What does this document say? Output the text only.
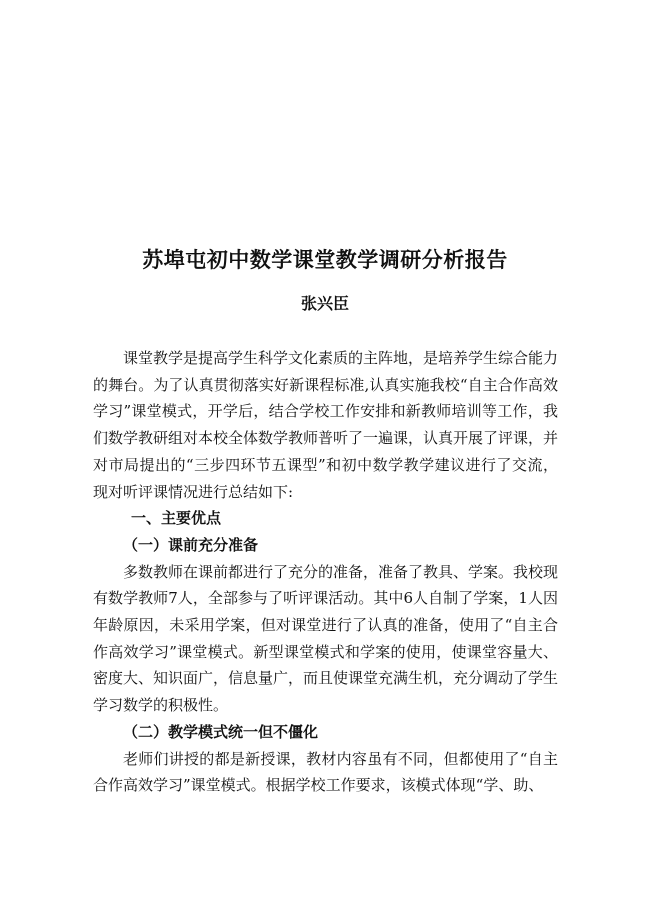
苏埠屯初中数学课堂教学调研分析报告
张兴臣

课堂教学是提高学生科学文化素质的主阵地，是培养学生综合能力的舞台。为了认真贯彻落实好新课程标准,认真实施我校“自主合作高效学习”课堂模式，开学后，结合学校工作安排和新教师培训等工作，我们数学教研组对本校全体数学教师普听了一遍课，认真开展了评课，并对市局提出的“三步四环节五课型”和初中数学教学建议进行了交流，现对听评课情况进行总结如下:

一、主要优点

（一）课前充分准备

多数教师在课前都进行了充分的准备，准备了教具、学案。我校现有数学教师7人，全部参与了听评课活动。其中6人自制了学案，1人因年龄原因，未采用学案，但对课堂进行了认真的准备，使用了“自主合作高效学习”课堂模式。新型课堂模式和学案的使用，使课堂容量大、密度大、知识面广，信息量广，而且使课堂充满生机，充分调动了学生学习数学的积极性。

（二）教学模式统一但不僵化

老师们讲授的都是新授课，教材内容虽有不同，但都使用了“自主合作高效学习”课堂模式。根据学校工作要求，该模式体现“学、助、
